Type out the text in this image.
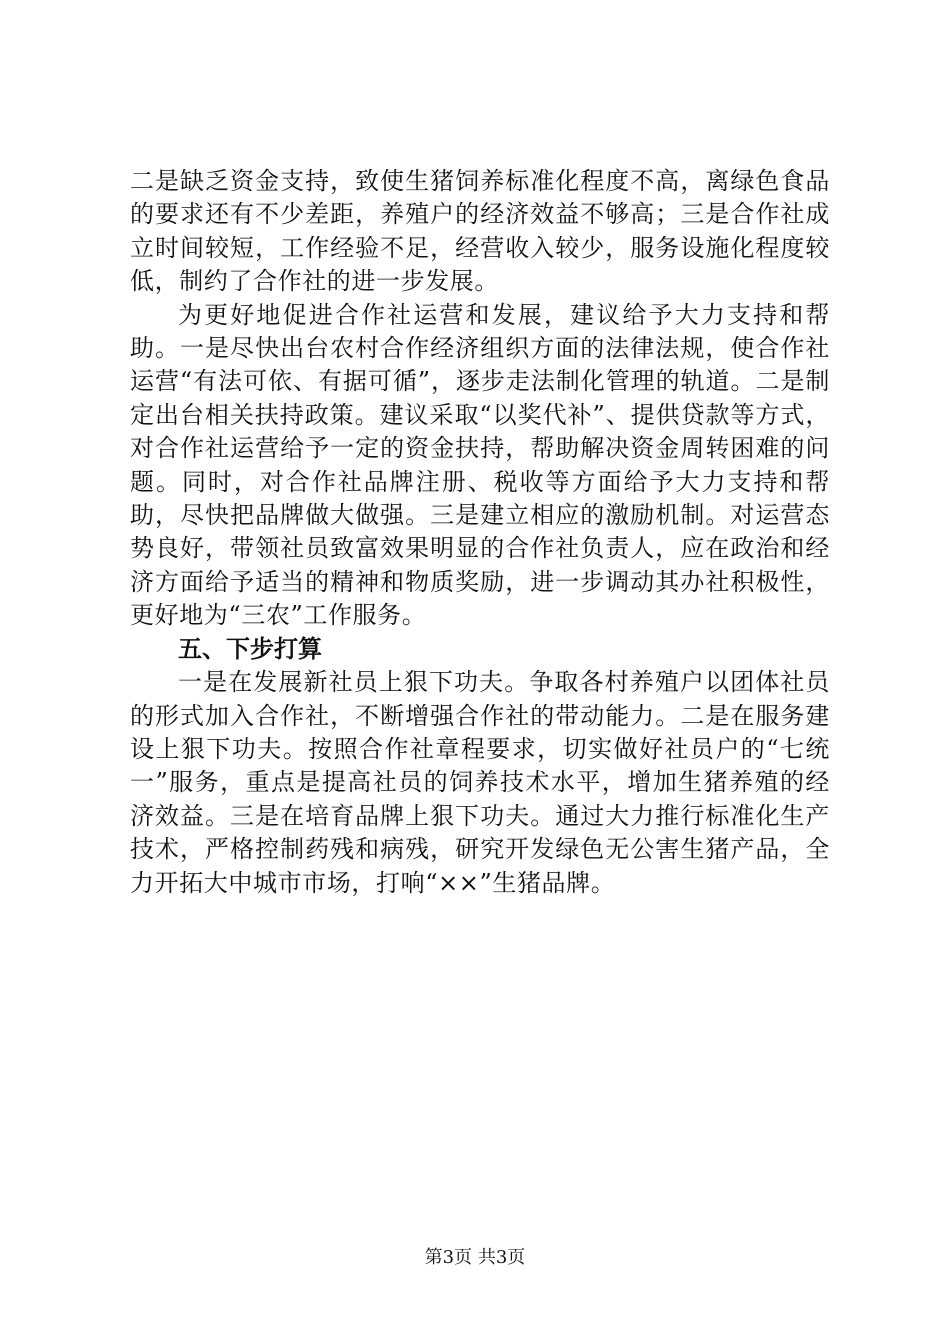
二是缺乏资金支持，致使生猪饲养标准化程度不高，离绿色食品的要求还有不少差距，养殖户的经济效益不够高；三是合作社成立时间较短，工作经验不足，经营收入较少，服务设施化程度较低，制约了合作社的进一步发展。

为更好地促进合作社运营和发展，建议给予大力支持和帮助。一是尽快出台农村合作经济组织方面的法律法规，使合作社运营“有法可依、有据可循”，逐步走法制化管理的轨道。二是制定出台相关扶持政策。建议采取“以奖代补”、提供贷款等方式，对合作社运营给予一定的资金扶持，帮助解决资金周转困难的问题。同时，对合作社品牌注册、税收等方面给予大力支持和帮助，尽快把品牌做大做强。三是建立相应的激励机制。对运营态势良好，带领社员致富效果明显的合作社负责人，应在政治和经济方面给予适当的精神和物质奖励，进一步调动其办社积极性，更好地为“三农”工作服务。

五、下步打算

一是在发展新社员上狠下功夫。争取各村养殖户以团体社员的形式加入合作社，不断增强合作社的带动能力。二是在服务建设上狠下功夫。按照合作社章程要求，切实做好社员户的“七统一”服务，重点是提高社员的饲养技术水平，增加生猪养殖的经济效益。三是在培育品牌上狠下功夫。通过大力推行标准化生产技术，严格控制药残和病残，研究开发绿色无公害生猪产品，全力开拓大中城市市场，打响“××”生猪品牌。

第3页 共3页
